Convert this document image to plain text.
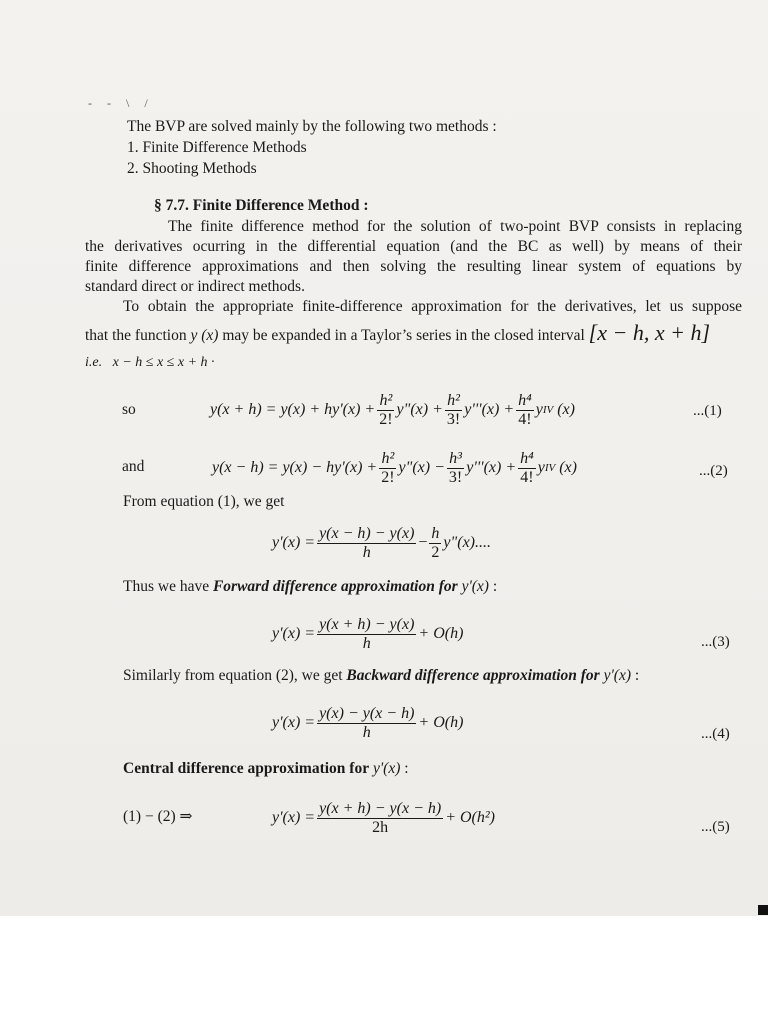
- - \ /
The BVP are solved mainly by the following two methods :
1. Finite Difference Methods
2. Shooting Methods
§ 7.7. Finite Difference Method :
The finite difference method for the solution of two-point BVP consists in replacing
the derivatives ocurring in the differential equation (and the BC as well) by means of their
finite difference approximations and then solving the resulting linear system of equations by
standard direct or indirect methods.
To obtain the appropriate finite-difference approximation for the derivatives, let us suppose
that the function y (x) may be expanded in a Taylor’s series in the closed interval [x − h, x + h]
i.e. x − h ≤ x ≤ x + h ·
so	$y(x + h) = y(x) + hy'(x) + \frac{\text{h²}}{2!}$ y"(x) + $\frac{\text{h²}}{3!} y'''(x) + \frac{\text{h⁴}}{4!}$ y IV
(x)	...(1)
and	$y(x - h) = y(x) - hy'(x) + \frac{\text{h²}}{2!}$ y"(x) − $\frac{\text{h³}}{3!} y'''(x) + \frac{\text{h⁴}}{4!}$ y IV
(x)	...(2)
From equation (1), we get
$y'(x) = \frac{y(x - h) - y(x)}{h} - \frac{h}{2}$ y"(x)....
Thus we have Forward difference approximation for y'(x) :
$y'(x) = \frac{y(x + h) - y(x)}{h} + O(h)$	...(3)
Similarly from equation (2), we get Backward difference approximation for y'(x) :
$y'(x) = \frac{y(x) - y(x - h)}{h} + O(h)$
...(4)
Central difference approximation for y'(x) :
(1) − (2) ⇒	$y'(x) = \frac{y(x + h) - y(x - h)}{2h} + O(h^2)$
...(5)
